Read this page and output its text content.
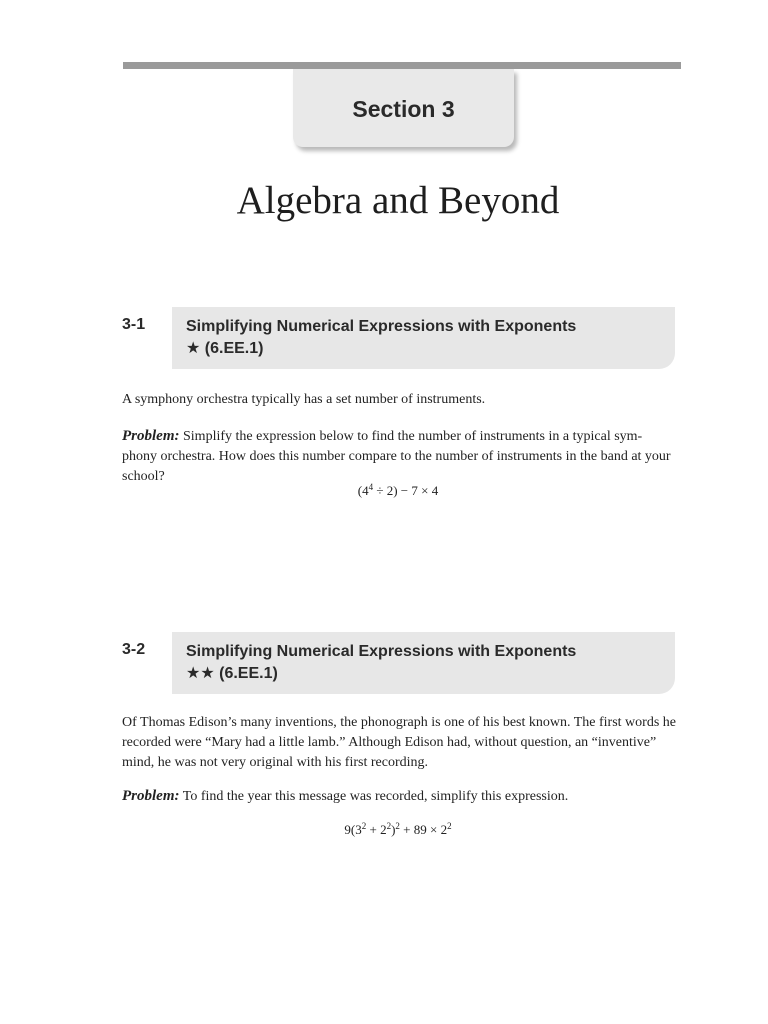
Section 3
Algebra and Beyond
3-1	Simplifying Numerical Expressions with Exponents
★ (6.EE.1)

A symphony orchestra typically has a set number of instruments.

Problem: Simplify the expression below to find the number of instruments in a typical sym- phony orchestra. How does this number compare to the number of instruments in the band at your school?

$(4^4 \div 2) - 7 \times 4$
3-2	Simplifying Numerical Expressions with Exponents
★★ (6.EE.1)

Of Thomas Edison’s many inventions, the phonograph is one of his best known. The first words he recorded were “Mary had a little lamb.” Although Edison had, without question, an “inventive” mind, he was not very original with his first recording.

Problem: To find the year this message was recorded, simplify this expression.

$9(3^2 + 2^2)^2 + 89 \times 2^2$
